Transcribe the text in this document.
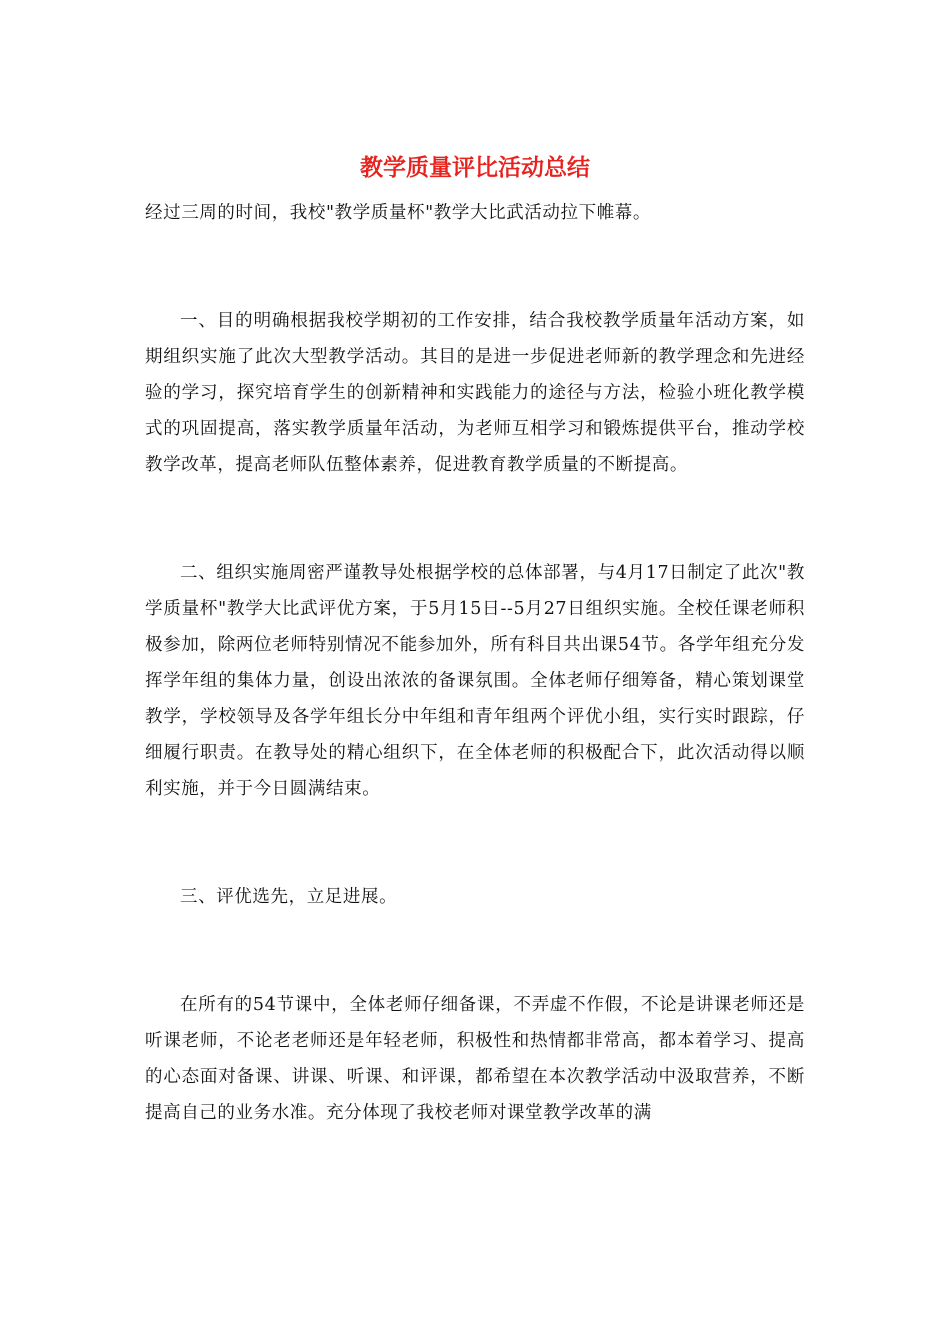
教学质量评比活动总结

经过三周的时间，我校"教学质量杯"教学大比武活动拉下帷幕。

一、目的明确根据我校学期初的工作安排，结合我校教学质量年活动方案，如期组织实施了此次大型教学活动。其目的是进一步促进老师新的教学理念和先进经验的学习，探究培育学生的创新精神和实践能力的途径与方法，检验小班化教学模式的巩固提高，落实教学质量年活动，为老师互相学习和锻炼提供平台，推动学校教学改革，提高老师队伍整体素养，促进教育教学质量的不断提高。

二、组织实施周密严谨教导处根据学校的总体部署，与4月17日制定了此次"教学质量杯"教学大比武评优方案，于5月15日--5月27日组织实施。全校任课老师积极参加，除两位老师特别情况不能参加外，所有科目共出课54节。各学年组充分发挥学年组的集体力量，创设出浓浓的备课氛围。全体老师仔细筹备，精心策划课堂教学，学校领导及各学年组长分中年组和青年组两个评优小组，实行实时跟踪，仔细履行职责。在教导处的精心组织下，在全体老师的积极配合下，此次活动得以顺利实施，并于今日圆满结束。

三、评优选先，立足进展。

在所有的54节课中，全体老师仔细备课，不弄虚不作假，不论是讲课老师还是听课老师，不论老老师还是年轻老师，积极性和热情都非常高，都本着学习、提高的心态面对备课、讲课、听课、和评课，都希望在本次教学活动中汲取营养，不断提高自己的业务水准。充分体现了我校老师对课堂教学改革的满
